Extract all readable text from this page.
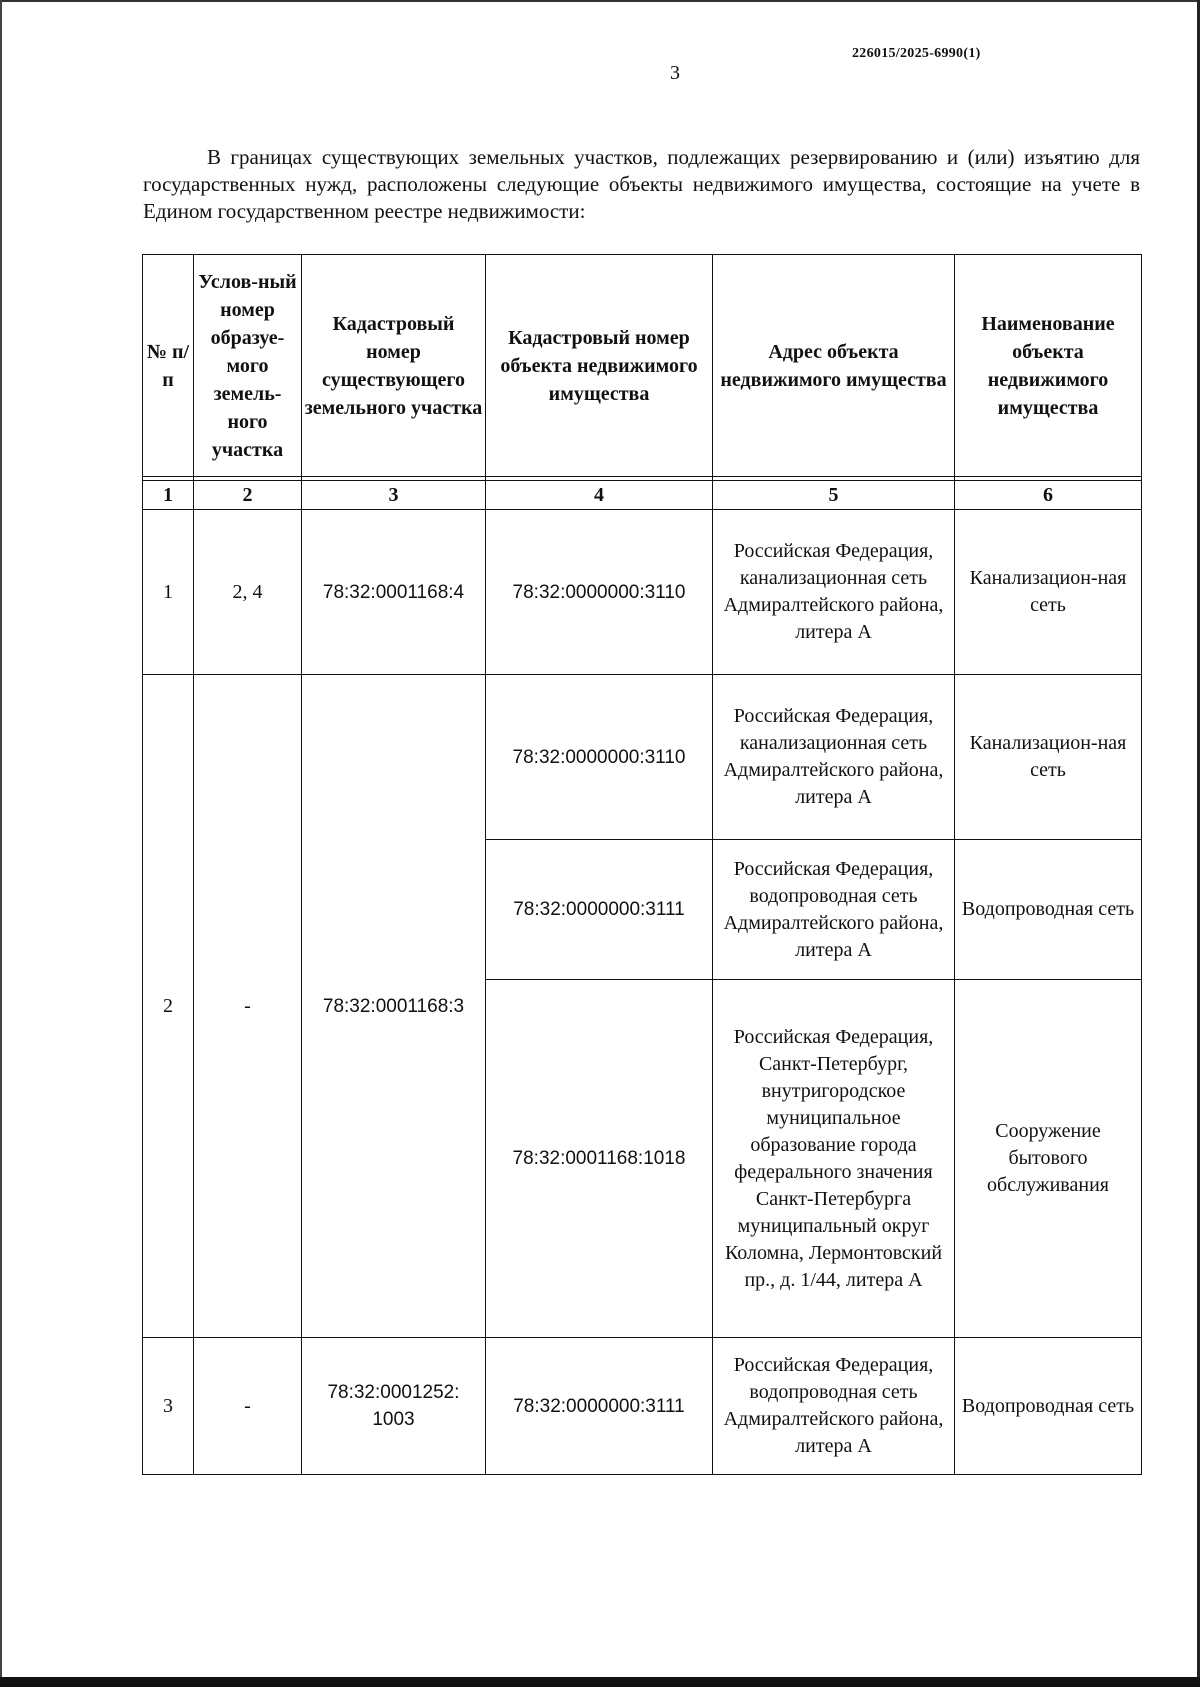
226015/2025-6990(1)
3

В границах существующих земельных участков, подлежащих резервированию и (или) изъятию для государственных нужд, расположены следующие объекты недвижимого имущества, состоящие на учете в Едином государственном реестре недвижимости:

№ п/п	Услов-ный номер образуе-мого земель-ного участка	Кадастровый номер существующего земельного участка	Кадастровый номер объекта недвижимого имущества	Адрес объекта недвижимого имущества	Наименование объекта недвижимого имущества

1	2	3	4	5	6
1	2, 4	78:32:0001168:4	78:32:0000000:3110	Российская Федерация, канализационная сеть Адмиралтейского района, литера А	Канализацион-ная сеть
2	-	78:32:0001168:3	78:32:0000000:3110	Российская Федерация, канализационная сеть Адмиралтейского района, литера А	Канализацион-ная сеть
			78:32:0000000:3111	Российская Федерация, водопроводная сеть Адмиралтейского района, литера А	Водопроводная сеть
			78:32:0001168:1018	Российская Федерация, Санкт-Петербург, внутригородское муниципальное образование города федерального значения Санкт-Петербурга муниципальный округ Коломна, Лермонтовский пр., д. 1/44, литера А	Сооружение бытового обслуживания
3	-	78:32:0001252: 1003	78:32:0000000:3111	Российская Федерация, водопроводная сеть Адмиралтейского района, литера А	Водопроводная сеть
